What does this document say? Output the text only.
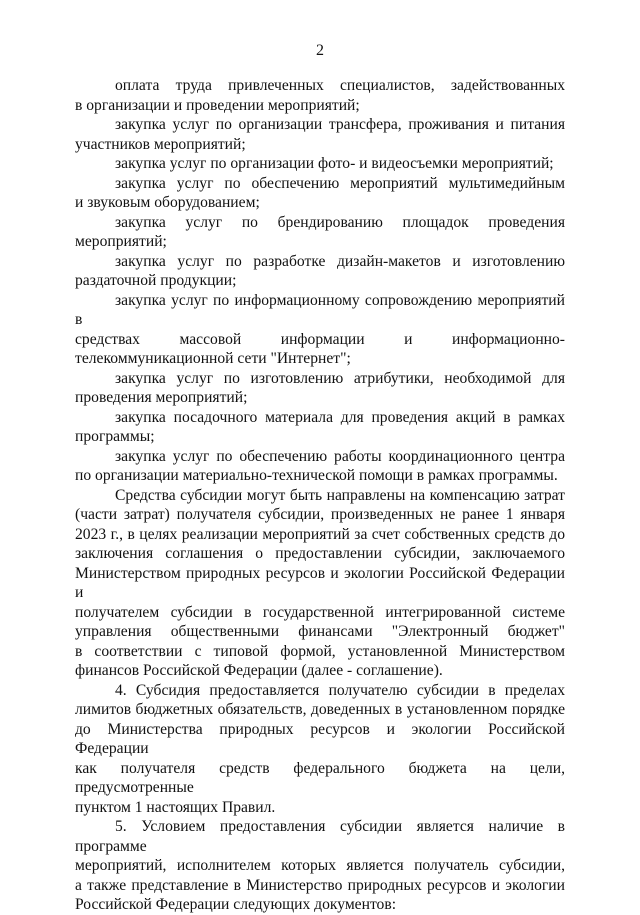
2

оплата труда привлеченных специалистов, задействованных
в организации и проведении мероприятий;

закупка услуг по организации трансфера, проживания и питания
участников мероприятий;

закупка услуг по организации фото- и видеосъемки мероприятий;

закупка услуг по обеспечению мероприятий мультимедийным
и звуковым оборудованием;

закупка услуг по брендированию площадок проведения
мероприятий;

закупка услуг по разработке дизайн-макетов и изготовлению
раздаточной продукции;

закупка услуг по информационному сопровождению мероприятий в
средствах массовой информации и информационно-
телекоммуникационной сети "Интернет";

закупка услуг по изготовлению атрибутики, необходимой для
проведения мероприятий;

закупка посадочного материала для проведения акций в рамках
программы;

закупка услуг по обеспечению работы координационного центра
по организации материально-технической помощи в рамках программы.

Средства субсидии могут быть направлены на компенсацию затрат
(части затрат) получателя субсидии, произведенных не ранее 1 января
2023 г., в целях реализации мероприятий за счет собственных средств до
заключения соглашения о предоставлении субсидии, заключаемого
Министерством природных ресурсов и экологии Российской Федерации и
получателем субсидии в государственной интегрированной системе
управления общественными финансами "Электронный бюджет"
в соответствии с типовой формой, установленной Министерством
финансов Российской Федерации (далее - соглашение).

4. Субсидия предоставляется получателю субсидии в пределах
лимитов бюджетных обязательств, доведенных в установленном порядке
до Министерства природных ресурсов и экологии Российской Федерации
как получателя средств федерального бюджета на цели, предусмотренные
пунктом 1 настоящих Правил.

5. Условием предоставления субсидии является наличие в программе
мероприятий, исполнителем которых является получатель субсидии,
а также представление в Министерство природных ресурсов и экологии
Российской Федерации следующих документов:
